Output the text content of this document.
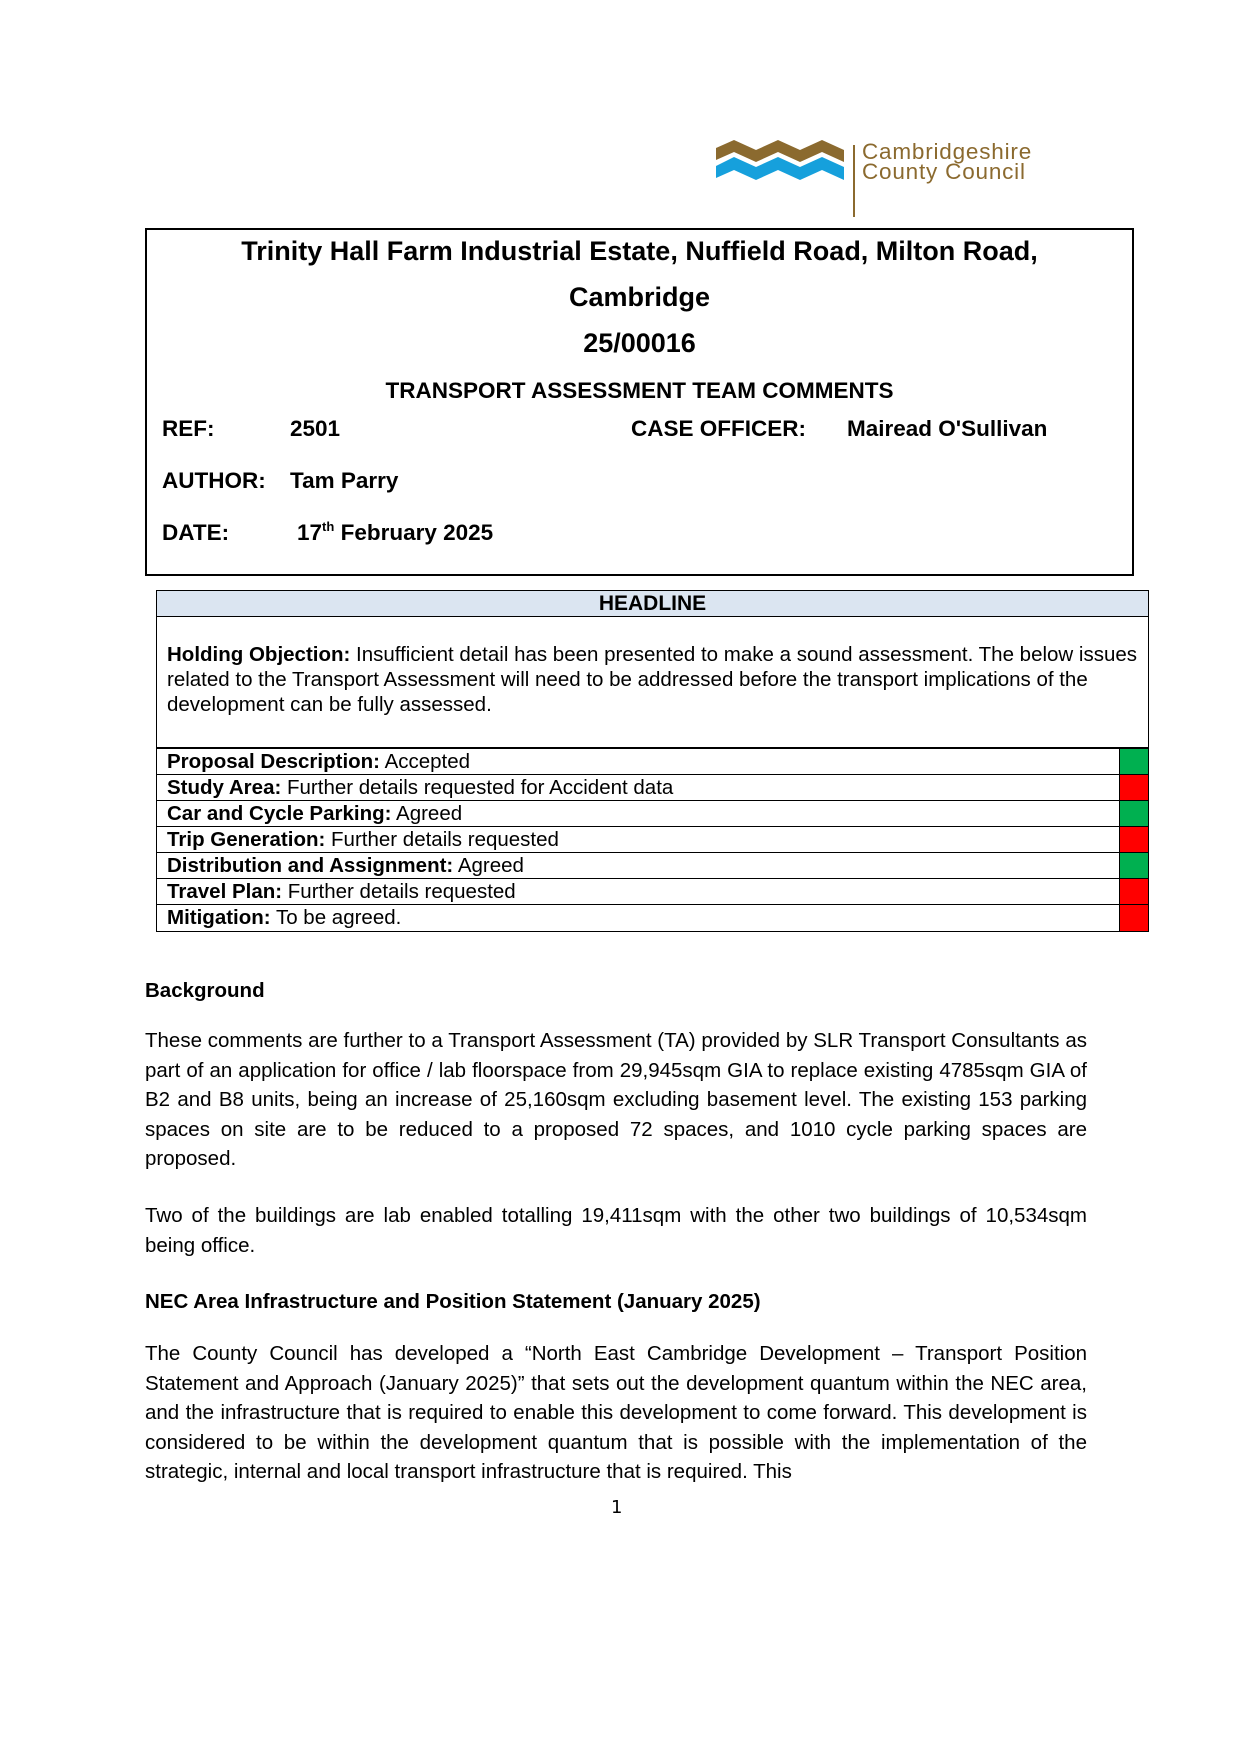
Cambridgeshire
County Council
Trinity Hall Farm Industrial Estate, Nuffield Road, Milton Road,
Cambridge
25/00016
TRANSPORT ASSESSMENT TEAM COMMENTS
REF:	2501	CASE OFFICER: Mairead O'Sullivan
AUTHOR: Tam Parry
DATE:	17th February 2025
HEADLINE
Holding Objection: Insufficient detail has been presented to make a sound assessment. The below issues related to the Transport Assessment will need to be addressed before the transport implications of the development can be fully assessed.
Proposal Description: Accepted
Study Area: Further details requested for Accident data
Car and Cycle Parking: Agreed
Trip Generation: Further details requested
Distribution and Assignment: Agreed
Travel Plan: Further details requested
Mitigation: To be agreed.
Background
These comments are further to a Transport Assessment (TA) provided by SLR Transport Consultants as part of an application for office / lab floorspace from 29,945sqm GIA to replace existing 4785sqm GIA of B2 and B8 units, being an increase of 25,160sqm excluding basement level. The existing 153 parking spaces on site are to be reduced to a proposed 72 spaces, and 1010 cycle parking spaces are proposed.
Two of the buildings are lab enabled totalling 19,411sqm with the other two buildings of 10,534sqm being office.
NEC Area Infrastructure and Position Statement (January 2025)
The County Council has developed a “North East Cambridge Development – Transport Position Statement and Approach (January 2025)” that sets out the development quantum within the NEC area, and the infrastructure that is required to enable this development to come forward. This development is considered to be within the development quantum that is possible with the implementation of the strategic, internal and local transport infrastructure that is required. This
1
